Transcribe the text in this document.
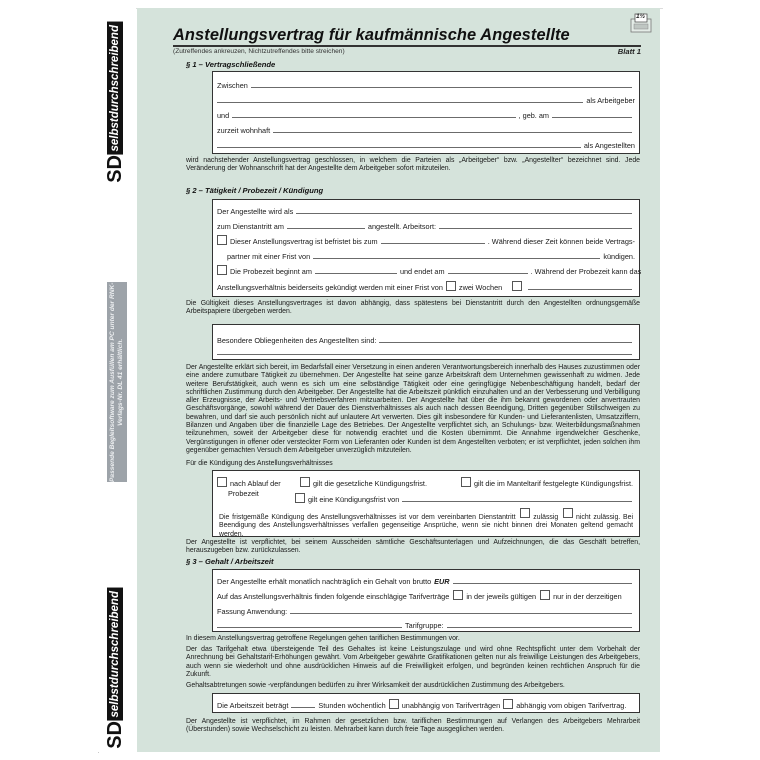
SD
selbstdurchschreibend
Passende Begleitsoftware zum Ausfüllen am PC unter der RNK-Verlags-Nr. DL 41 erhältlich.
SD
selbstdurchschreibend
Anstellungsvertrag für kaufmännische Angestellte
(Zutreffendes ankreuzen, Nichtzutreffendes bitte streichen)	Blatt 1
1½
§ 1 – Vertragschließende
Zwischen
als Arbeitgeber
und	, geb. am
zurzeit wohnhaft
als Angestellten
wird nachstehender Anstellungsvertrag geschlossen, in welchem die Parteien als „Arbeitgeber“ bzw. „Angestellter“ bezeichnet sind. Jede Veränderung der Wohnanschrift hat der Angestellte dem Arbeitgeber sofort mitzuteilen.
§ 2 – Tätigkeit / Probezeit / Kündigung
Der Angestellte wird als
zum Dienstantritt am	angestellt. Arbeitsort:
Dieser Anstellungsvertrag ist befristet bis zum	. Während dieser Zeit können beide Vertrags-
partner mit einer Frist von	kündigen.
Die Probezeit beginnt am	und endet am	. Während der Probezeit kann das
Anstellungsverhältnis beiderseits gekündigt werden mit einer Frist von zwei Wochen
Die Gültigkeit dieses Anstellungsvertrages ist davon abhängig, dass spätestens bei Dienstantritt durch den Angestellten ordnungsgemäße Arbeitspapiere übergeben werden.
Besondere Obliegenheiten des Angestellten sind:
Der Angestellte erklärt sich bereit, im Bedarfsfall einer Versetzung in einen anderen Verantwortungsbereich innerhalb des Hauses zuzustimmen oder eine andere zumutbare Tätigkeit zu übernehmen. Der Angestellte hat seine ganze Arbeitskraft dem Unternehmen gewissenhaft zu widmen. Jede weitere Berufstätigkeit, auch wenn es sich um eine selbständige Tätigkeit oder eine geringfügige Nebenbeschäftigung handelt, bedarf der schriftlichen Zustimmung durch den Arbeitgeber. Der Angestellte hat die Arbeitszeit pünktlich einzuhalten und an der Verbesserung und Verbilligung aller Erzeugnisse, der Arbeits- und Vertriebsverfahren mitzuarbeiten. Der Angestellte hat über die ihm bekannt gewordenen oder anvertrauten Geschäftsvorgänge, sowohl während der Dauer des Dienstverhältnisses als auch nach dessen Beendigung, Dritten gegenüber Stillschweigen zu bewahren, und darf sie auch persönlich nicht auf unlautere Art verwerten. Dies gilt insbesondere für Kunden- und Lieferantenlisten, Umsatzziffern, Bilanzen und Angaben über die finanzielle Lage des Betriebes. Der Angestellte verpflichtet sich, an Schulungs- bzw. Weiterbildungsmaßnahmen teilzunehmen, soweit der Arbeitgeber diese für notwendig erachtet und die Kosten übernimmt. Die Annahme irgendwelcher Geschenke, Vergünstigungen in offener oder versteckter Form von Lieferanten oder Kunden ist dem Angestellten verboten; er ist verpflichtet, jeden solchen ihm gegenüber gemachten Versuch dem Arbeitgeber unverzüglich mitzuteilen.
Für die Kündigung des Anstellungsverhältnisses
nach Ablauf der	gilt die gesetzliche Kündigungsfrist.	gilt die im Manteltarif festgelegte Kündigungsfrist.
Probezeit
gilt eine Kündigungsfrist von
Die fristgemäße Kündigung des Anstellungsverhältnisses ist vor dem vereinbarten Dienstantritt	zulässig	nicht zulässig. Bei Beendigung des Anstellungsverhältnisses verfallen gegenseitige Ansprüche, wenn sie nicht binnen drei Monaten geltend gemacht werden.
Der Angestellte ist verpflichtet, bei seinem Ausscheiden sämtliche Geschäftsunterlagen und Aufzeichnungen, die das Geschäft betreffen, herauszugeben bzw. zurückzulassen.
§ 3 – Gehalt / Arbeitszeit
Der Angestellte erhält monatlich nachträglich ein Gehalt von brutto EUR
Auf das Anstellungsverhältnis finden folgende einschlägige Tarifverträge in der jeweils gültigen nur in der derzeitigen
Fassung Anwendung:
Tarifgruppe:
In diesem Anstellungsvertrag getroffene Regelungen gehen tariflichen Bestimmungen vor.
Der das Tarifgehalt etwa übersteigende Teil des Gehaltes ist keine Leistungszulage und wird ohne Rechtspflicht unter dem Vorbehalt der Anrechnung bei Gehaltstarif-Erhöhungen gewährt. Vom Arbeitgeber gewährte Gratifikationen gelten nur als freiwillige Leistungen des Arbeitgebers, auch wenn sie wiederholt und ohne ausdrücklichen Hinweis auf die Freiwilligkeit erfolgen, und begründen keinen rechtlichen Anspruch für die Zukunft.
Gehaltsabtretungen sowie -verpfändungen bedürfen zu ihrer Wirksamkeit der ausdrücklichen Zustimmung des Arbeitgebers.
Die Arbeitszeit beträgt	Stunden wöchentlich unabhängig von Tarifverträgen abhängig vom obigen Tarifvertrag.
Der Angestellte ist verpflichtet, im Rahmen der gesetzlichen bzw. tariflichen Bestimmungen auf Verlangen des Arbeitgebers Mehrarbeit (Überstunden) sowie Wechselschicht zu leisten. Mehrarbeit kann durch freie Tage ausgeglichen werden.
